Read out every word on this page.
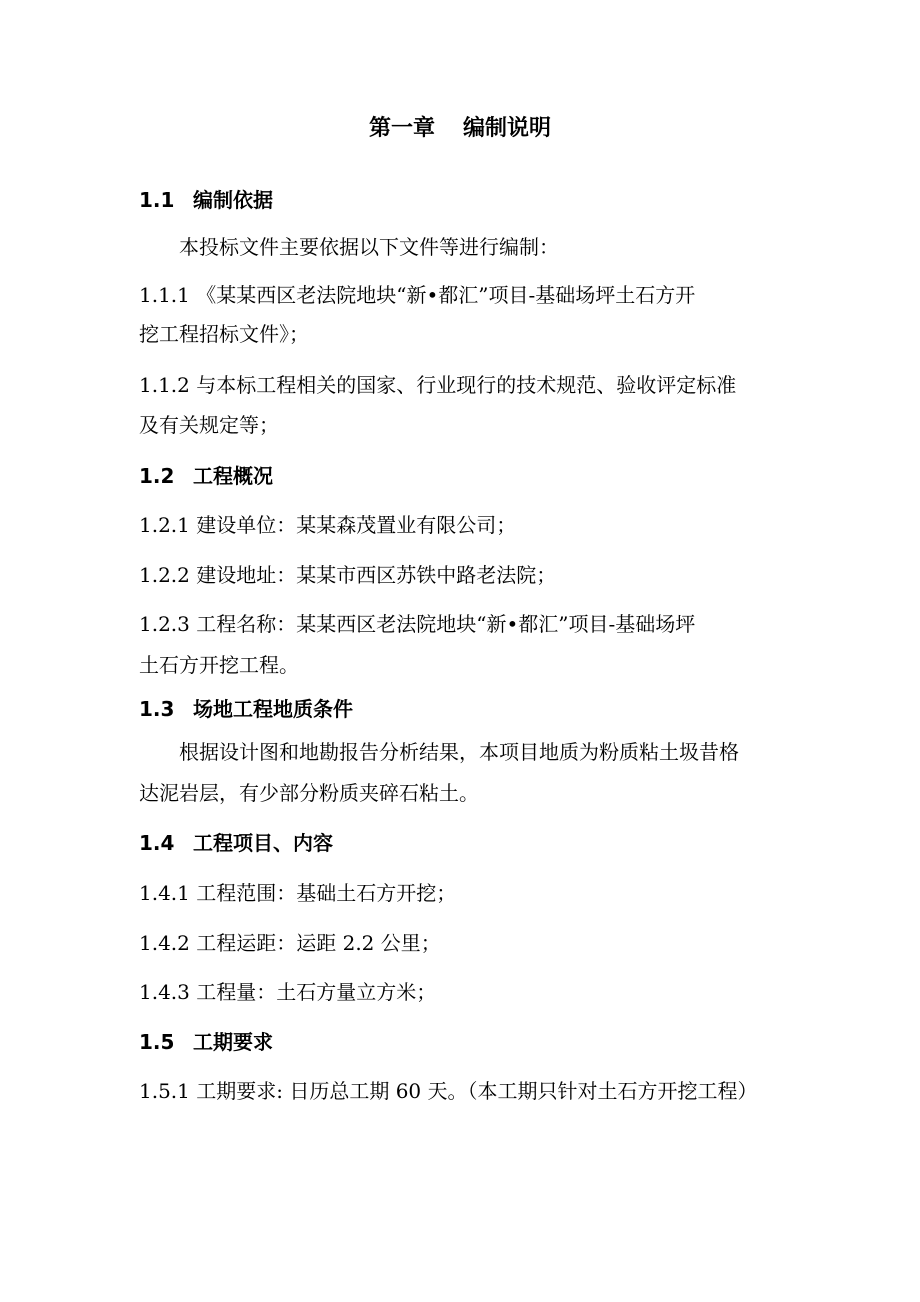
第一章 编制说明
1.1 编制依据
本投标文件主要依据以下文件等进行编制：
1.1.1 《某某西区老法院地块“新•都汇”项目-基础场坪土石方开
挖工程招标文件》；
1.1.2 与本标工程相关的国家、行业现行的技术规范、验收评定标准
及有关规定等；
1.2 工程概况
1.2.1 建设单位：某某森茂置业有限公司；
1.2.2 建设地址：某某市西区苏铁中路老法院；
1.2.3 工程名称：某某西区老法院地块“新•都汇”项目-基础场坪
土石方开挖工程。
1.3 场地工程地质条件
根据设计图和地勘报告分析结果，本项目地质为粉质粘土圾昔格
达泥岩层，有少部分粉质夹碎石粘土。
1.4 工程项目、内容
1.4.1 工程范围：基础土石方开挖；
1.4.2 工程运距：运距 2.2 公里；
1.4.3 工程量：土石方量立方米；
1.5 工期要求
1.5.1 工期要求: 日历总工期 60 天。（本工期只针对土石方开挖工程）
